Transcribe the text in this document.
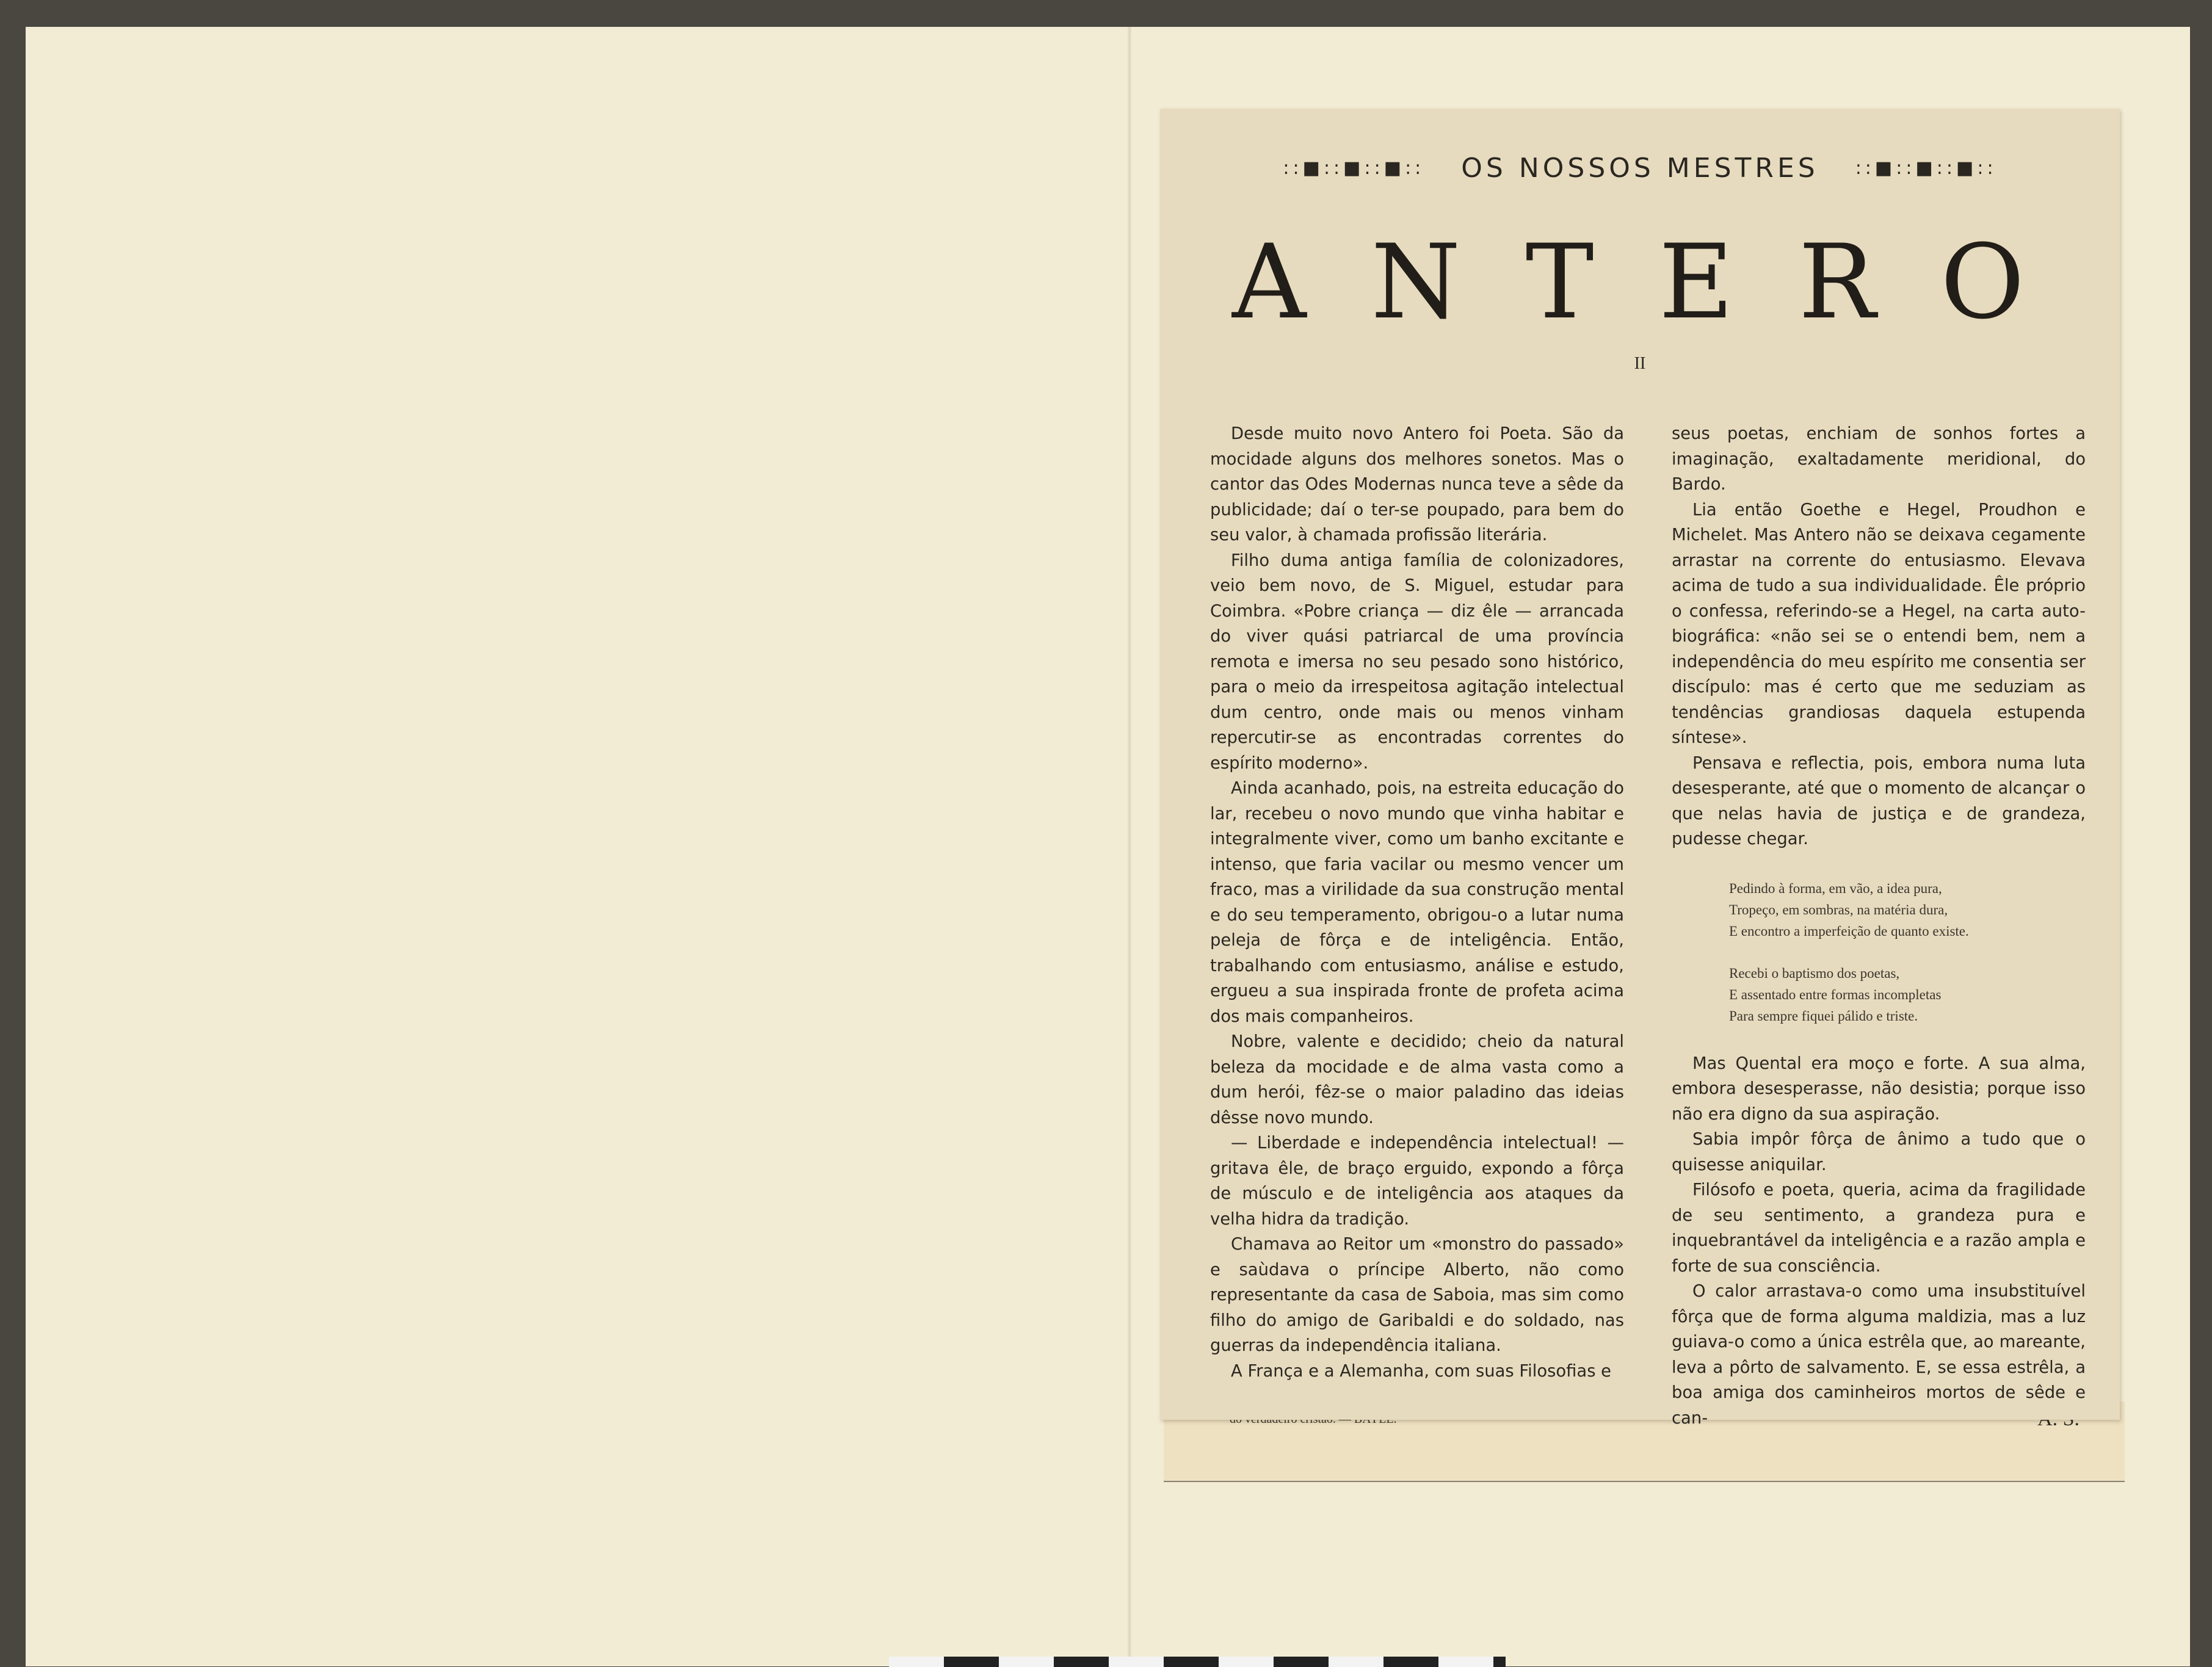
::■::■::■:: OS NOSSOS MESTRES ::■::■::■::
A N T E R O
II

Desde muito novo Antero foi Poeta. São da mocidade alguns dos melhores sonetos. Mas o cantor das Odes Modernas nunca teve a sêde da publicidade; daí o ter-se poupado, para bem do seu valor, à chamada profissão literária.

Filho duma antiga família de colonizadores, veio bem novo, de S. Miguel, estudar para Coimbra. «Pobre criança — diz êle — arrancada do viver quási patriarcal de uma província remota e imersa no seu pesado sono histórico, para o meio da irrespeitosa agitação intelectual dum centro, onde mais ou menos vinham repercutir-se as encontradas correntes do espírito moderno».

Ainda acanhado, pois, na estreita educação do lar, recebeu o novo mundo que vinha habitar e integralmente viver, como um banho excitante e intenso, que faria vacilar ou mesmo vencer um fraco, mas a virilidade da sua construção mental e do seu temperamento, obrigou-o a lutar numa peleja de fôrça e de inteligência. Então, trabalhando com entusiasmo, análise e estudo, ergueu a sua inspirada fronte de profeta acima dos mais companheiros.

Nobre, valente e decidido; cheio da natural beleza da mocidade e de alma vasta como a dum herói, fêz-se o maior paladino das ideias dêsse novo mundo.

— Liberdade e independência intelectual! — gritava êle, de braço erguido, expondo a fôrça de músculo e de inteligência aos ataques da velha hidra da tradição.

Chamava ao Reitor um «monstro do passado» e saùdava o príncipe Alberto, não como representante da casa de Saboia, mas sim como filho do amigo de Garibaldi e do soldado, nas guerras da independência italiana.

A França e a Alemanha, com suas Filosofias e

seus poetas, enchiam de sonhos fortes a imaginação, exaltadamente meridional, do Bardo.

Lia então Goethe e Hegel, Proudhon e Michelet. Mas Antero não se deixava cegamente arrastar na corrente do entusiasmo. Elevava acima de tudo a sua individualidade. Êle próprio o confessa, referindo-se a Hegel, na carta auto-biográfica: «não sei se o entendi bem, nem a independência do meu espírito me consentia ser discípulo: mas é certo que me seduziam as tendências grandiosas daquela estupenda síntese».

Pensava e reflectia, pois, embora numa luta desesperante, até que o momento de alcançar o que nelas havia de justiça e de grandeza, pudesse chegar.

Pedindo à forma, em vão, a idea pura,
Tropeço, em sombras, na matéria dura,
E encontro a imperfeição de quanto existe.
Recebi o baptismo dos poetas,
E assentado entre formas incompletas
Para sempre fiquei pálido e triste.

Mas Quental era moço e forte. A sua alma, embora desesperasse, não desistia; porque isso não era digno da sua aspiração.

Sabia impôr fôrça de ânimo a tudo que o quisesse aniquilar.

Filósofo e poeta, queria, acima da fragilidade de seu sentimento, a grandeza pura e inquebrantável da inteligência e a razão ampla e forte de sua consciência.

O calor arrastava-o como uma insubstituível fôrça que de forma alguma maldizia, mas a luz guiava-o como a única estrêla que, ao mareante, leva a pôrto de salvamento. E, se essa estrêla, a boa amiga dos caminheiros mortos de sêde e can-
